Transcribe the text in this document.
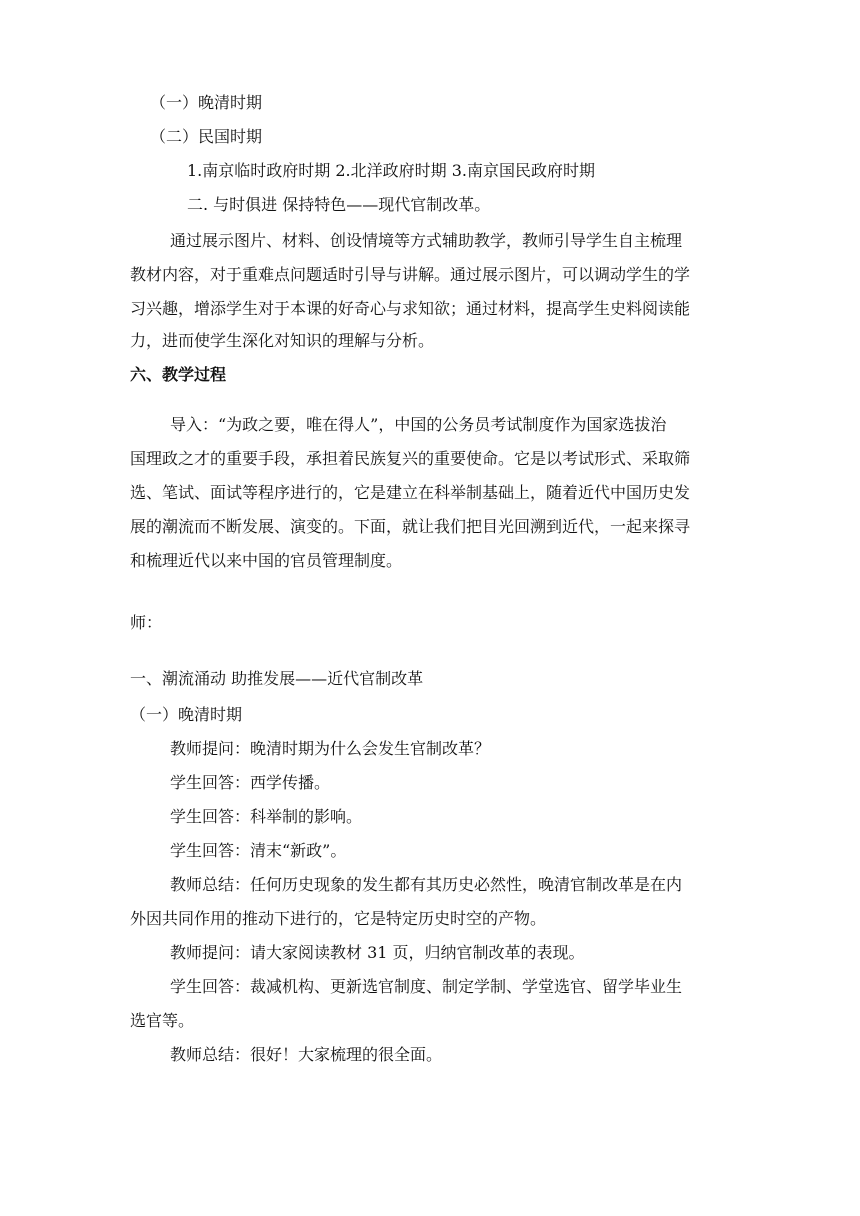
（一）晚清时期
（二）民国时期
1.南京临时政府时期 2.北洋政府时期 3.南京国民政府时期
二. 与时俱进 保持特色——现代官制改革。
通过展示图片、材料、创设情境等方式辅助教学，教师引导学生自主梳理
教材内容，对于重难点问题适时引导与讲解。通过展示图片，可以调动学生的学
习兴趣，增添学生对于本课的好奇心与求知欲；通过材料，提高学生史料阅读能
力，进而使学生深化对知识的理解与分析。
六、教学过程
导入：“为政之要，唯在得人”，中国的公务员考试制度作为国家选拔治
国理政之才的重要手段，承担着民族复兴的重要使命。它是以考试形式、采取筛
选、笔试、面试等程序进行的，它是建立在科举制基础上，随着近代中国历史发
展的潮流而不断发展、演变的。下面，就让我们把目光回溯到近代，一起来探寻
和梳理近代以来中国的官员管理制度。
师：
一、潮流涌动 助推发展——近代官制改革
（一）晚清时期
教师提问：晚清时期为什么会发生官制改革？
学生回答：西学传播。
学生回答：科举制的影响。
学生回答：清末“新政”。
教师总结：任何历史现象的发生都有其历史必然性，晚清官制改革是在内
外因共同作用的推动下进行的，它是特定历史时空的产物。
教师提问：请大家阅读教材 31 页，归纳官制改革的表现。
学生回答：裁减机构、更新选官制度、制定学制、学堂选官、留学毕业生
选官等。
教师总结：很好！大家梳理的很全面。
